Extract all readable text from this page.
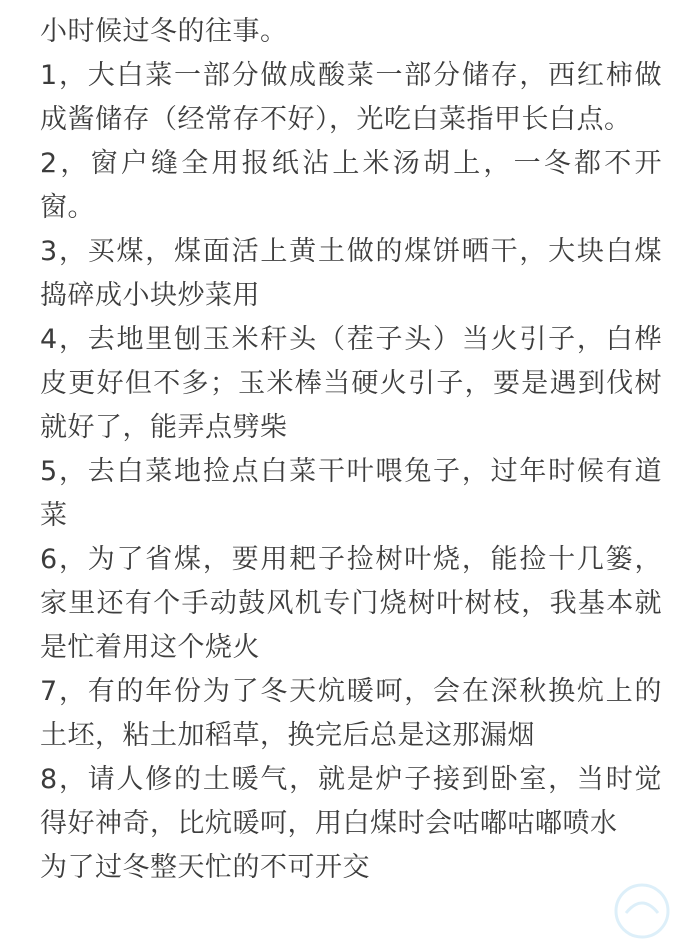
小时候过冬的往事。

1，大白菜一部分做成酸菜一部分储存，西红柿做成酱储存（经常存不好），光吃白菜指甲长白点。

2，窗户缝全用报纸沾上米汤胡上，一冬都不开窗。

3，买煤，煤面活上黄土做的煤饼晒干，大块白煤捣碎成小块炒菜用

4，去地里刨玉米秆头（茬子头）当火引子，白桦皮更好但不多；玉米棒当硬火引子，要是遇到伐树就好了，能弄点劈柴

5，去白菜地捡点白菜干叶喂兔子，过年时候有道菜

6，为了省煤，要用耙子捡树叶烧，能捡十几篓，家里还有个手动鼓风机专门烧树叶树枝，我基本就是忙着用这个烧火

7，有的年份为了冬天炕暖呵，会在深秋换炕上的土坯，粘土加稻草，换完后总是这那漏烟

8，请人修的土暖气，就是炉子接到卧室，当时觉得好神奇，比炕暖呵，用白煤时会咕嘟咕嘟喷水

为了过冬整天忙的不可开交
